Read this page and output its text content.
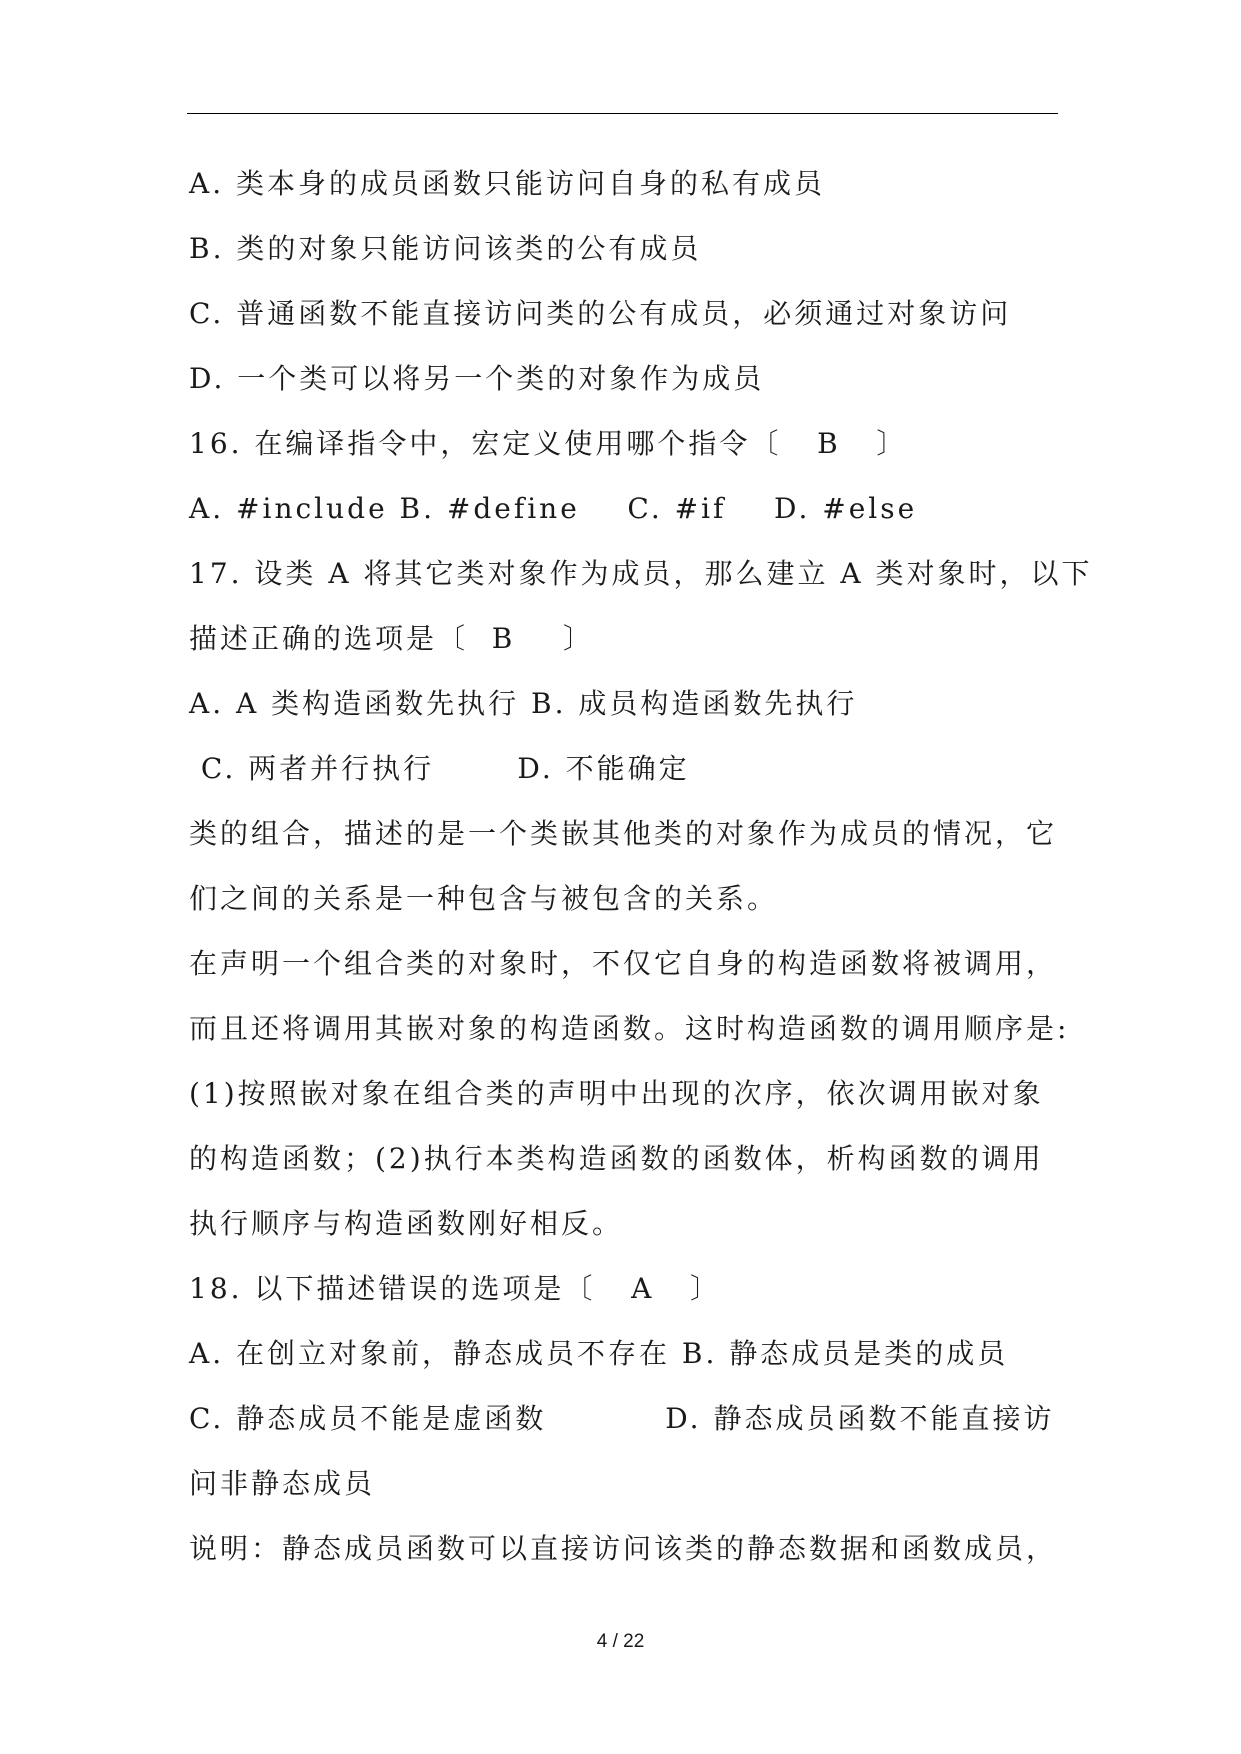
A. 类本身的成员函数只能访问自身的私有成员
B. 类的对象只能访问该类的公有成员
C. 普通函数不能直接访问类的公有成员，必须通过对象访问
D. 一个类可以将另一个类的对象作为成员
16. 在编译指令中，宏定义使用哪个指令〔   B   〕
A. #include B. #define    C. #if    D. #else
17. 设类 A 将其它类对象作为成员，那么建立 A 类对象时，以下
描述正确的选项是〔  B    〕
A. A 类构造函数先执行 B. 成员构造函数先执行
C. 两者并行执行       D. 不能确定
类的组合，描述的是一个类嵌其他类的对象作为成员的情况，它
们之间的关系是一种包含与被包含的关系。
在声明一个组合类的对象时，不仅它自身的构造函数将被调用，
而且还将调用其嵌对象的构造函数。这时构造函数的调用顺序是:
(1)按照嵌对象在组合类的声明中出现的次序，依次调用嵌对象
的构造函数；(2)执行本类构造函数的函数体，析构函数的调用
执行顺序与构造函数刚好相反。
18. 以下描述错误的选项是〔   A   〕
A. 在创立对象前，静态成员不存在 B. 静态成员是类的成员
C. 静态成员不能是虚函数          D. 静态成员函数不能直接访
问非静态成员
说明：静态成员函数可以直接访问该类的静态数据和函数成员，
4 / 22
